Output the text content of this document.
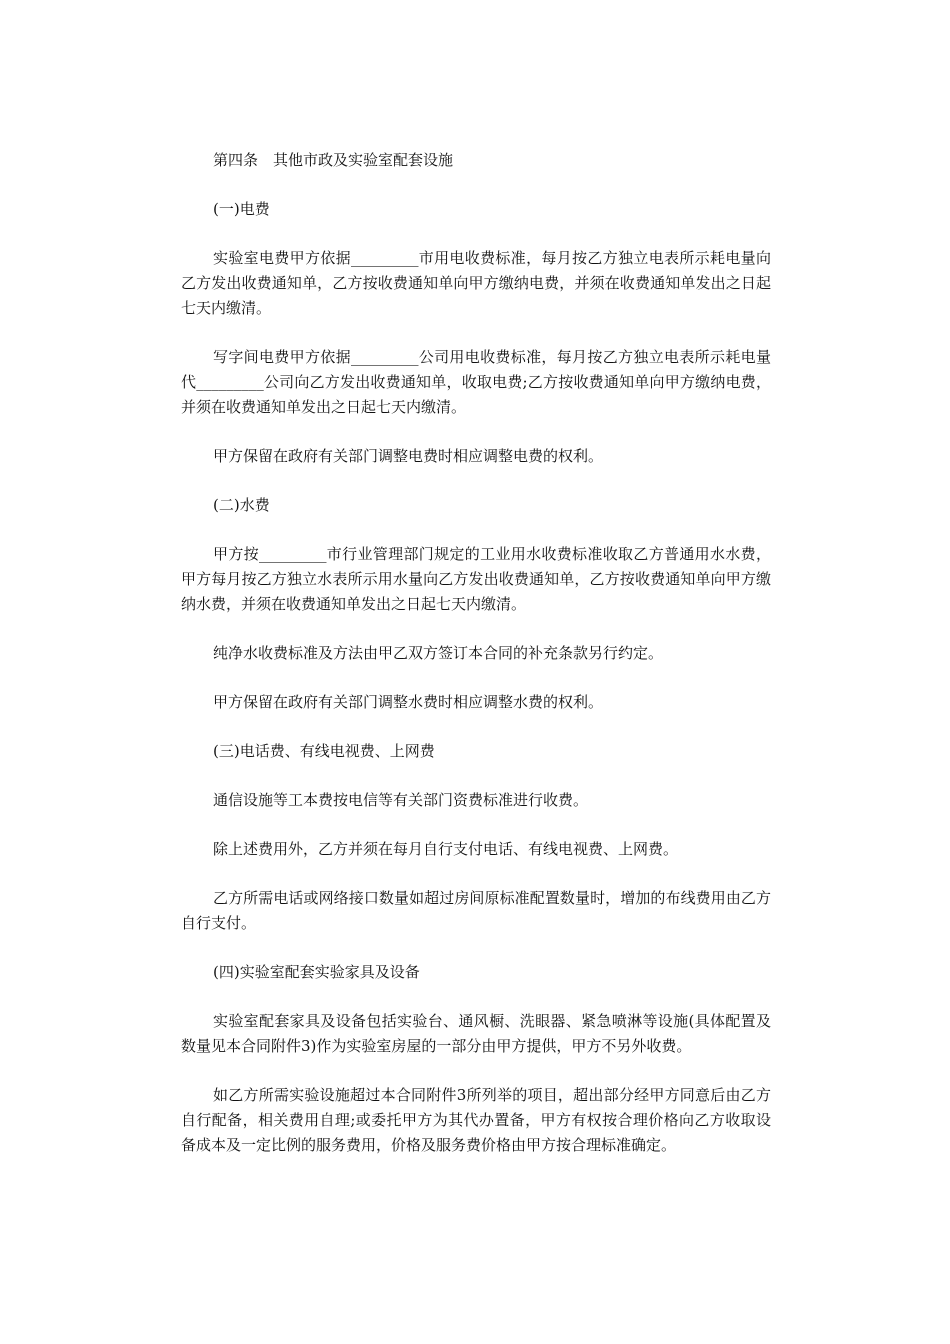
第四条　其他市政及实验室配套设施

(一)电费

实验室电费甲方依据_________市用电收费标准，每月按乙方独立电表所示耗电量向乙方发出收费通知单，乙方按收费通知单向甲方缴纳电费，并须在收费通知单发出之日起七天内缴清。

写字间电费甲方依据_________公司用电收费标准，每月按乙方独立电表所示耗电量代_________公司向乙方发出收费通知单，收取电费;乙方按收费通知单向甲方缴纳电费，并须在收费通知单发出之日起七天内缴清。

甲方保留在政府有关部门调整电费时相应调整电费的权利。

(二)水费

甲方按_________市行业管理部门规定的工业用水收费标准收取乙方普通用水水费，甲方每月按乙方独立水表所示用水量向乙方发出收费通知单，乙方按收费通知单向甲方缴纳水费，并须在收费通知单发出之日起七天内缴清。

纯净水收费标准及方法由甲乙双方签订本合同的补充条款另行约定。

甲方保留在政府有关部门调整水费时相应调整水费的权利。

(三)电话费、有线电视费、上网费

通信设施等工本费按电信等有关部门资费标准进行收费。

除上述费用外，乙方并须在每月自行支付电话、有线电视费、上网费。

乙方所需电话或网络接口数量如超过房间原标准配置数量时，增加的布线费用由乙方自行支付。

(四)实验室配套实验家具及设备

实验室配套家具及设备包括实验台、通风橱、洗眼器、紧急喷淋等设施(具体配置及数量见本合同附件3)作为实验室房屋的一部分由甲方提供，甲方不另外收费。

如乙方所需实验设施超过本合同附件3所列举的项目，超出部分经甲方同意后由乙方自行配备，相关费用自理;或委托甲方为其代办置备，甲方有权按合理价格向乙方收取设备成本及一定比例的服务费用，价格及服务费价格由甲方按合理标准确定。
